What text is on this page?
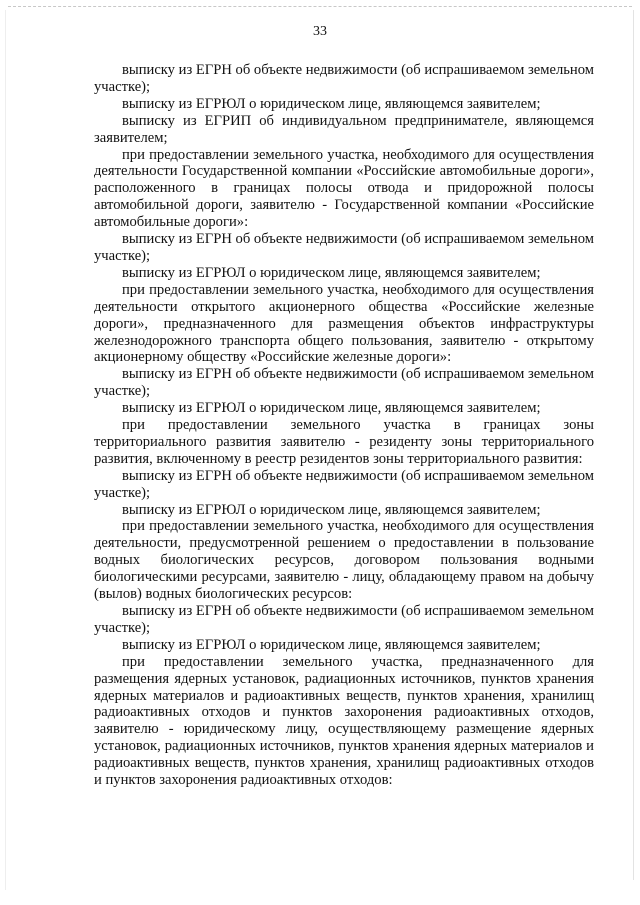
33

выписку из ЕГРН об объекте недвижимости (об испрашиваемом земельном участке);

выписку из ЕГРЮЛ о юридическом лице, являющемся заявителем;

выписку из ЕГРИП об индивидуальном предпринимателе, являющемся заявителем;

при предоставлении земельного участка, необходимого для осуществления деятельности Государственной компании «Российские автомобильные дороги», расположенного в границах полосы отвода и придорожной полосы автомобильной дороги, заявителю - Государственной компании «Российские автомобильные дороги»:

выписку из ЕГРН об объекте недвижимости (об испрашиваемом земельном участке);

выписку из ЕГРЮЛ о юридическом лице, являющемся заявителем;

при предоставлении земельного участка, необходимого для осуществления деятельности открытого акционерного общества «Российские железные дороги», предназначенного для размещения объектов инфраструктуры железнодорожного транспорта общего пользования, заявителю - открытому акционерному обществу «Российские железные дороги»:

выписку из ЕГРН об объекте недвижимости (об испрашиваемом земельном участке);

выписку из ЕГРЮЛ о юридическом лице, являющемся заявителем;

при предоставлении земельного участка в границах зоны территориального развития заявителю - резиденту зоны территориального развития, включенному в реестр резидентов зоны территориального развития:

выписку из ЕГРН об объекте недвижимости (об испрашиваемом земельном участке);

выписку из ЕГРЮЛ о юридическом лице, являющемся заявителем;

при предоставлении земельного участка, необходимого для осуществления деятельности, предусмотренной решением о предоставлении в пользование водных биологических ресурсов, договором пользования водными биологическими ресурсами, заявителю - лицу, обладающему правом на добычу (вылов) водных биологических ресурсов:

выписку из ЕГРН об объекте недвижимости (об испрашиваемом земельном участке);

выписку из ЕГРЮЛ о юридическом лице, являющемся заявителем;

при предоставлении земельного участка, предназначенного для размещения ядерных установок, радиационных источников, пунктов хранения ядерных материалов и радиоактивных веществ, пунктов хранения, хранилищ радиоактивных отходов и пунктов захоронения радиоактивных отходов, заявителю - юридическому лицу, осуществляющему размещение ядерных установок, радиационных источников, пунктов хранения ядерных материалов и радиоактивных веществ, пунктов хранения, хранилищ радиоактивных отходов и пунктов захоронения радиоактивных отходов:
